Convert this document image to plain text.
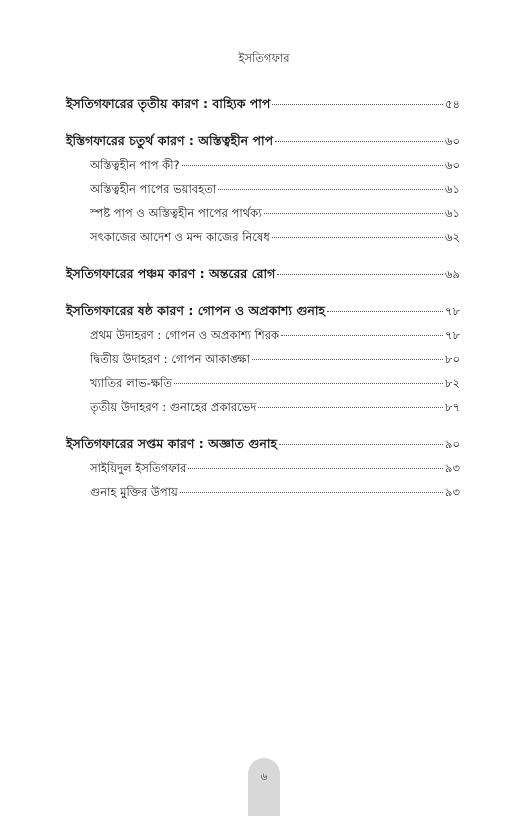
ইসতিগফার
ইসতিগফারের তৃতীয় কারণ : বাহ্যিক পাপ	৫৪
ইস্তিগফারের চতুর্থ কারণ : অস্তিত্বহীন পাপ	৬০
অস্তিত্বহীন পাপ কী?	৬০
অস্তিত্বহীন পাপের ভয়াবহতা	৬১
স্পষ্ট পাপ ও অস্তিত্বহীন পাপের পার্থক্য	৬১
সৎকাজের আদেশ ও মন্দ কাজের নিষেধ	৬২
ইসতিগফারের পঞ্চম কারণ : অন্তরের রোগ	৬৯
ইসতিগফারের ষষ্ঠ কারণ : গোপন ও অপ্রকাশ্য গুনাহ	৭৮
প্রথম উদাহরণ : গোপন ও অপ্রকাশ্য শিরক	৭৮
দ্বিতীয় উদাহরণ : গোপন আকাঙ্ক্ষা	৮০
খ্যাতির লাভ-ক্ষতি	৮২
তৃতীয় উদাহরণ : গুনাহের প্রকারভেদ	৮৭
ইসতিগফারের সপ্তম কারণ : অজ্ঞাত গুনাহ	৯০
সাইয়িদুল ইসতিগফার	৯৩
গুনাহ মুক্তির উপায়	৯৩
৬
